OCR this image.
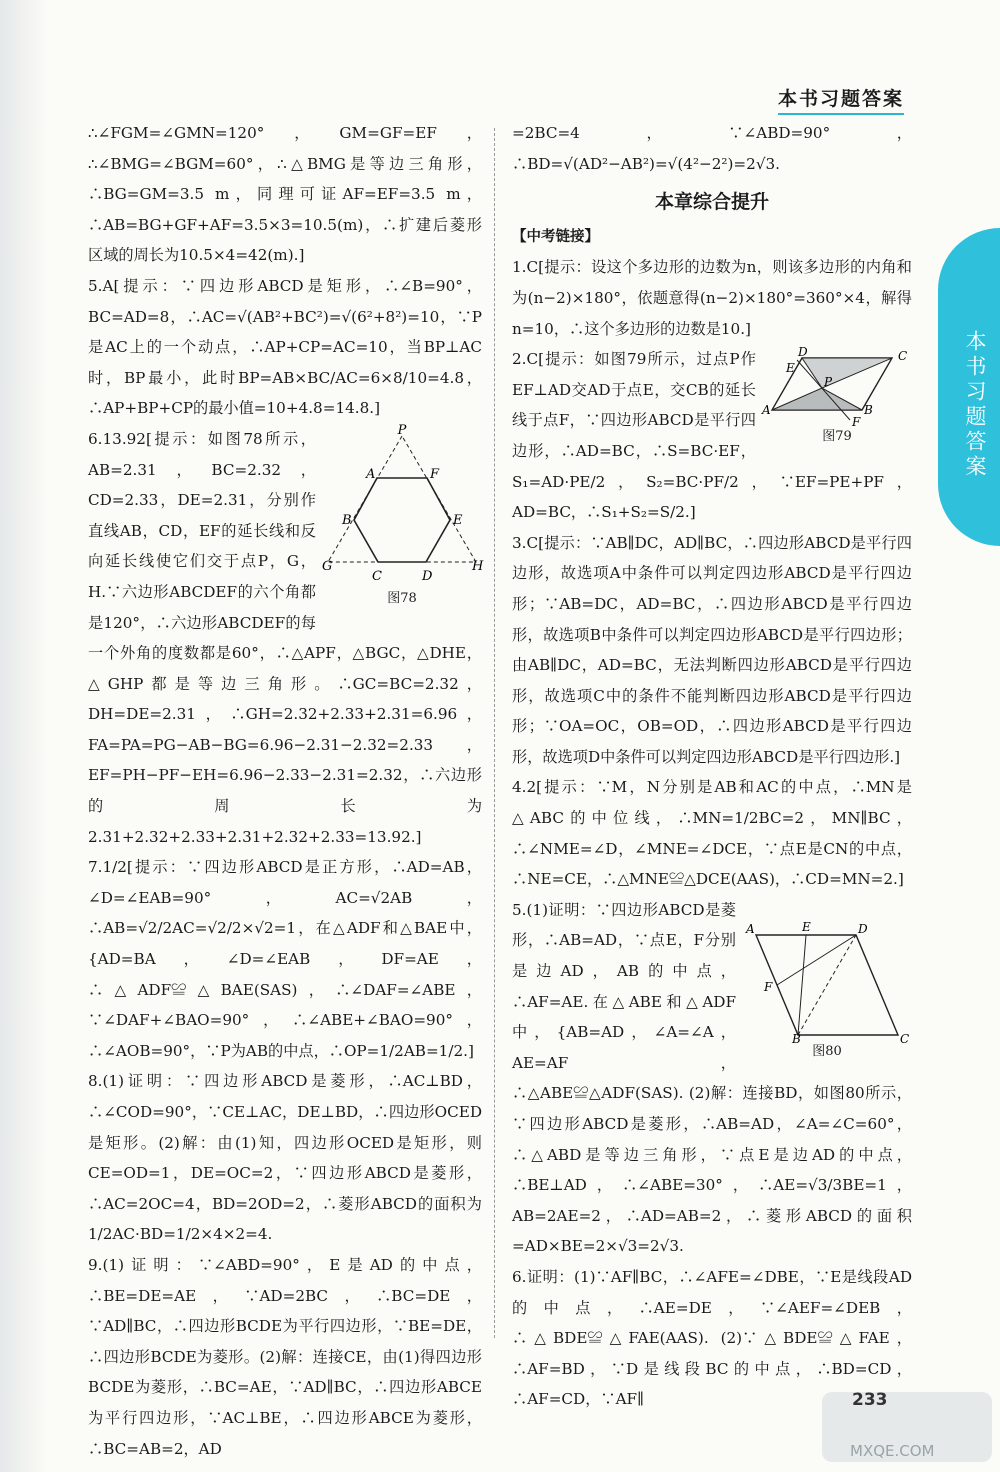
本书习题答案
本书习题答案

∴∠FGM=∠GMN=120°，GM=GF=EF，∴∠BMG=∠BGM=60°，∴△BMG是等边三角形，∴BG=GM=3.5 m，同理可证AF=EF=3.5 m，∴AB=BG+GF+AF=3.5×3=10.5(m)，∴扩建后菱形区域的周长为10.5×4=42(m).]

5.A[提示：∵四边形ABCD是矩形，∴∠B=90°，BC=AD=8，∴AC=√(AB²+BC²)=√(6²+8²)=10，∵P是AC上的一个动点，∴AP+CP=AC=10，当BP⊥AC时，BP最小，此时BP=AB×BC/AC=6×8/10=4.8，∴AP+BP+CP的最小值=10+4.8=14.8.]

P
A	F
B	E
G	H
C	D
图78

6.13.92[提示：如图78所示，AB=2.31，BC=2.32，CD=2.33，DE=2.31，分别作直线AB，CD，EF的延长线和反向延长线使它们交于点P，G，H.∵六边形ABCDEF的六个角都是120°，∴六边形ABCDEF的每一个外角的度数都是60°，∴△APF，△BGC，△DHE，△GHP都是等边三角形。∴GC=BC=2.32，DH=DE=2.31，∴GH=2.32+2.33+2.31=6.96，FA=PA=PG−AB−BG=6.96−2.31−2.32=2.33， EF=PH−PF−EH=6.96−2.33−2.31=2.32，∴六边形的周长为2.31+2.32+2.33+2.31+2.32+2.33=13.92.]

7.1/2[提示：∵四边形ABCD是正方形，∴AD=AB，∠D=∠EAB=90°，AC=√2AB，∴AB=√2/2AC=√2/2×√2=1，在△ADF和△BAE中，{AD=BA，∠D=∠EAB，DF=AE，∴△ADF≌△BAE(SAS)，∴∠DAF=∠ABE，∵∠DAF+∠BAO=90°，∴∠ABE+∠BAO=90°，∴∠AOB=90°，∵P为AB的中点，∴OP=1/2AB=1/2.]

8.(1)证明：∵四边形ABCD是菱形，∴AC⊥BD，∴∠COD=90°，∵CE⊥AC，DE⊥BD，∴四边形OCED是矩形。(2)解：由(1)知，四边形OCED是矩形，则CE=OD=1，DE=OC=2，∵四边形ABCD是菱形，∴AC=2OC=4，BD=2OD=2，∴菱形ABCD的面积为1/2AC·BD=1/2×4×2=4.

9.(1)证明：∵∠ABD=90°，E是AD的中点，∴BE=DE=AE，∵AD=2BC，∴BC=DE，∵AD∥BC，∴四边形BCDE为平行四边形，∵BE=DE，∴四边形BCDE为菱形。(2)解：连接CE，由(1)得四边形BCDE为菱形，∴BC=AE，∵AD∥BC，∴四边形ABCE为平行四边形，∵AC⊥BE，∴四边形ABCE为菱形，∴BC=AB=2，AD

=2BC=4，∵∠ABD=90°，∴BD=√(AD²−AB²)=√(4²−2²)=2√3.

本章综合提升
【中考链接】

1.C[提示：设这个多边形的边数为n，则该多边形的内角和为(n−2)×180°，依题意得(n−2)×180°=360°×4，解得n=10，∴这个多边形的边数是10.]

D	C
E
P
A	B
F
图79

2.C[提示：如图79所示，过点P作EF⊥AD交AD于点E，交CB的延长线于点F，∵四边形ABCD是平行四边形，∴AD=BC，∴S=BC·EF，S₁=AD·PE/2，S₂=BC·PF/2，∵EF=PE+PF，AD=BC，∴S₁+S₂=S/2.]

3.C[提示：∵AB∥DC，AD∥BC，∴四边形ABCD是平行四边形，故选项A中条件可以判定四边形ABCD是平行四边形；∵AB=DC，AD=BC，∴四边形ABCD是平行四边形，故选项B中条件可以判定四边形ABCD是平行四边形；由AB∥DC，AD=BC，无法判断四边形ABCD是平行四边形，故选项C中的条件不能判断四边形ABCD是平行四边形；∵OA=OC，OB=OD，∴四边形ABCD是平行四边形，故选项D中条件可以判定四边形ABCD是平行四边形.]

4.2[提示：∵M，N分别是AB和AC的中点，∴MN是△ABC的中位线，∴MN=1/2BC=2，MN∥BC，∴∠NME=∠D，∠MNE=∠DCE，∵点E是CN的中点，∴NE=CE，∴△MNE≌△DCE(AAS)，∴CD=MN=2.]

A	E	D
F
B	C
图80

5.(1)证明：∵四边形ABCD是菱形，∴AB=AD，∵点E，F分别是边AD，AB的中点，∴AF=AE.在△ABE和△ADF中，{AB=AD，∠A=∠A，AE=AF，∴△ABE≌△ADF(SAS). (2)解：连接BD，如图80所示，∵四边形ABCD是菱形，∴AB=AD，∠A=∠C=60°，∴△ABD是等边三角形，∵点E是边AD的中点，∴BE⊥AD，∴∠ABE=30°，∴AE=√3/3BE=1，AB=2AE=2，∴AD=AB=2，∴菱形ABCD的面积=AD×BE=2×√3=2√3.

6.证明：(1)∵AF∥BC，∴∠AFE=∠DBE，∵E是线段AD的中点，∴AE=DE，∵∠AEF=∠DEB，∴△BDE≌△FAE(AAS). (2)∵△BDE≌△FAE，∴AF=BD，∵D是线段BC的中点，∴BD=CD，∴AF=CD，∵AF∥	233
MXQE.COM
